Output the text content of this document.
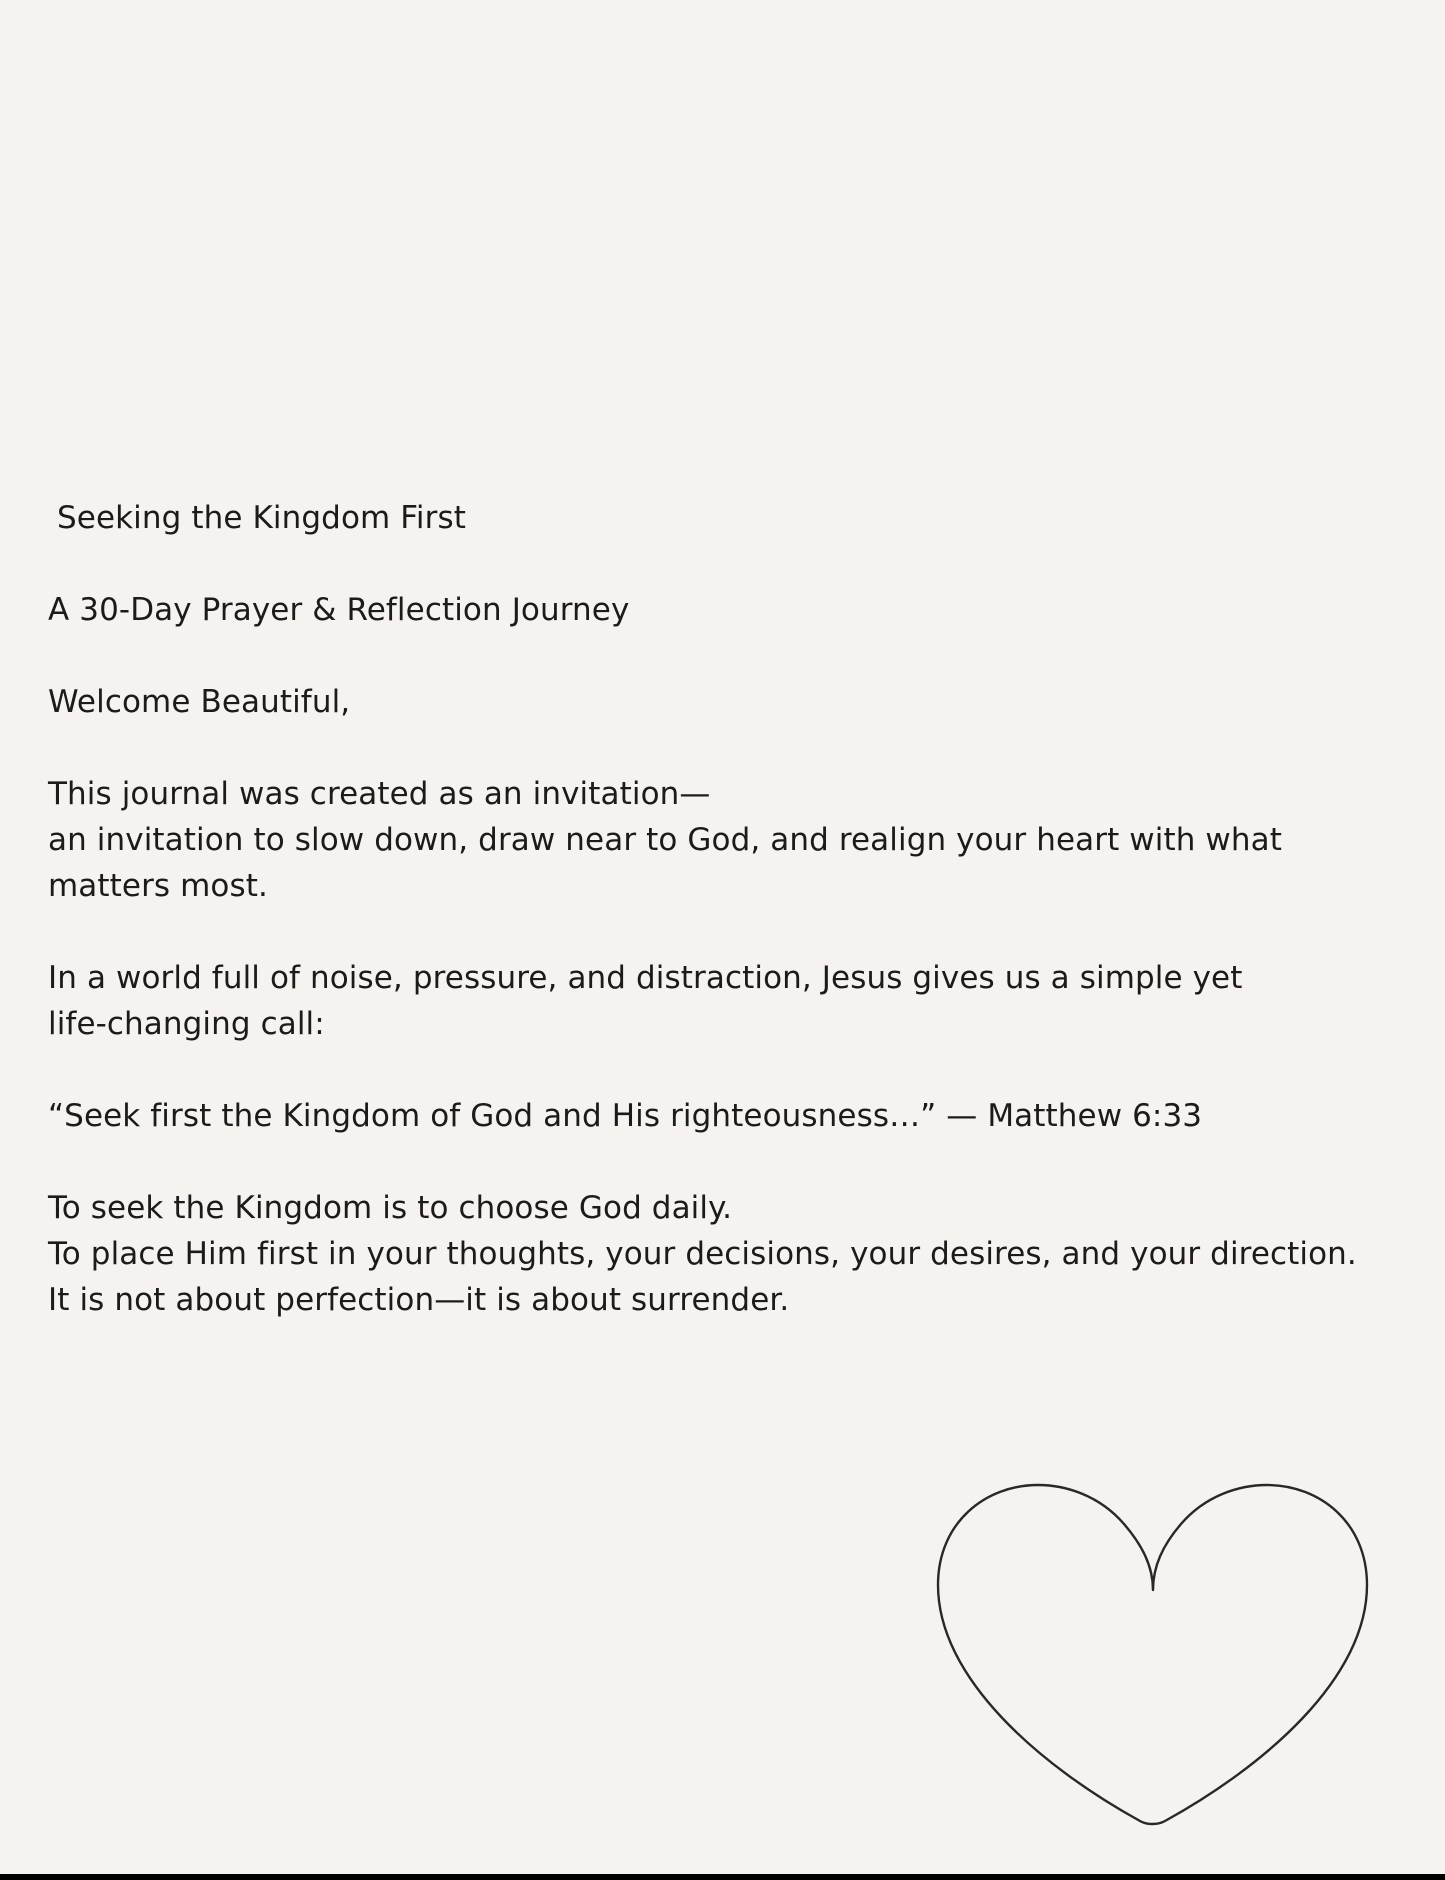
Seeking the Kingdom First
A 30-Day Prayer & Reflection Journey
Welcome Beautiful,
This journal was created as an invitation—
an invitation to slow down, draw near to God, and realign your heart with what
matters most.
In a world full of noise, pressure, and distraction, Jesus gives us a simple yet
life-changing call:
“Seek first the Kingdom of God and His righteousness…” — Matthew 6:33
To seek the Kingdom is to choose God daily.
To place Him first in your thoughts, your decisions, your desires, and your direction.
It is not about perfection—it is about surrender.
